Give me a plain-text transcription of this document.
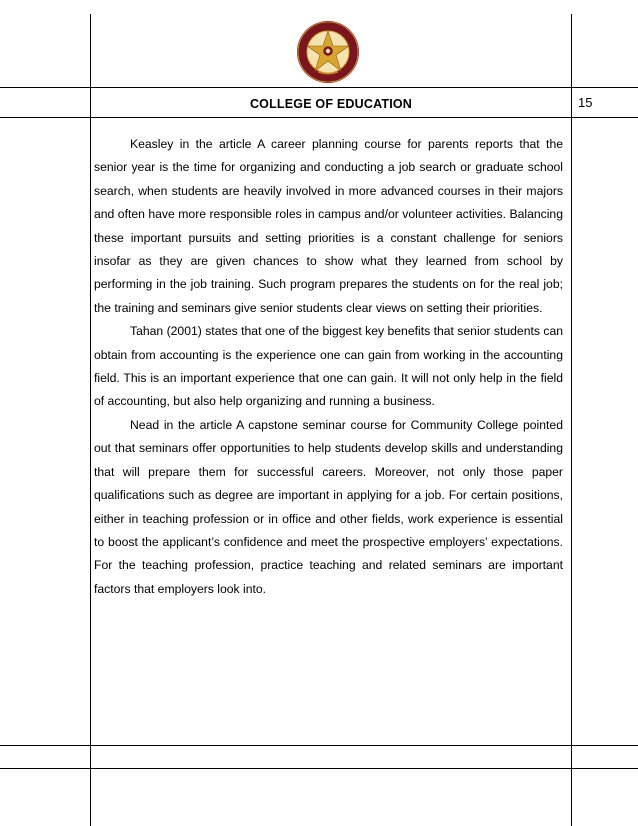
COLLEGE OF EDUCATION	15

Keasley in the article A career planning course for parents reports that the senior year is the time for organizing and conducting a job search or graduate school search, when students are heavily involved in more advanced courses in their majors and often have more responsible roles in campus and/or volunteer activities. Balancing these important pursuits and setting priorities is a constant challenge for seniors insofar as they are given chances to show what they learned from school by performing in the job training. Such program prepares the students on for the real job; the training and seminars give senior students clear views on setting their priorities.

Tahan (2001) states that one of the biggest key benefits that senior students can obtain from accounting is the experience one can gain from working in the accounting field. This is an important experience that one can gain. It will not only help in the field of accounting, but also help organizing and running a business.

Nead in the article A capstone seminar course for Community College pointed out that seminars offer opportunities to help students develop skills and understanding that will prepare them for successful careers. Moreover, not only those paper qualifications such as degree are important in applying for a job. For certain positions, either in teaching profession or in office and other fields, work experience is essential to boost the applicant’s confidence and meet the prospective employers’ expectations. For the teaching profession, practice teaching and related seminars are important factors that employers look into.
